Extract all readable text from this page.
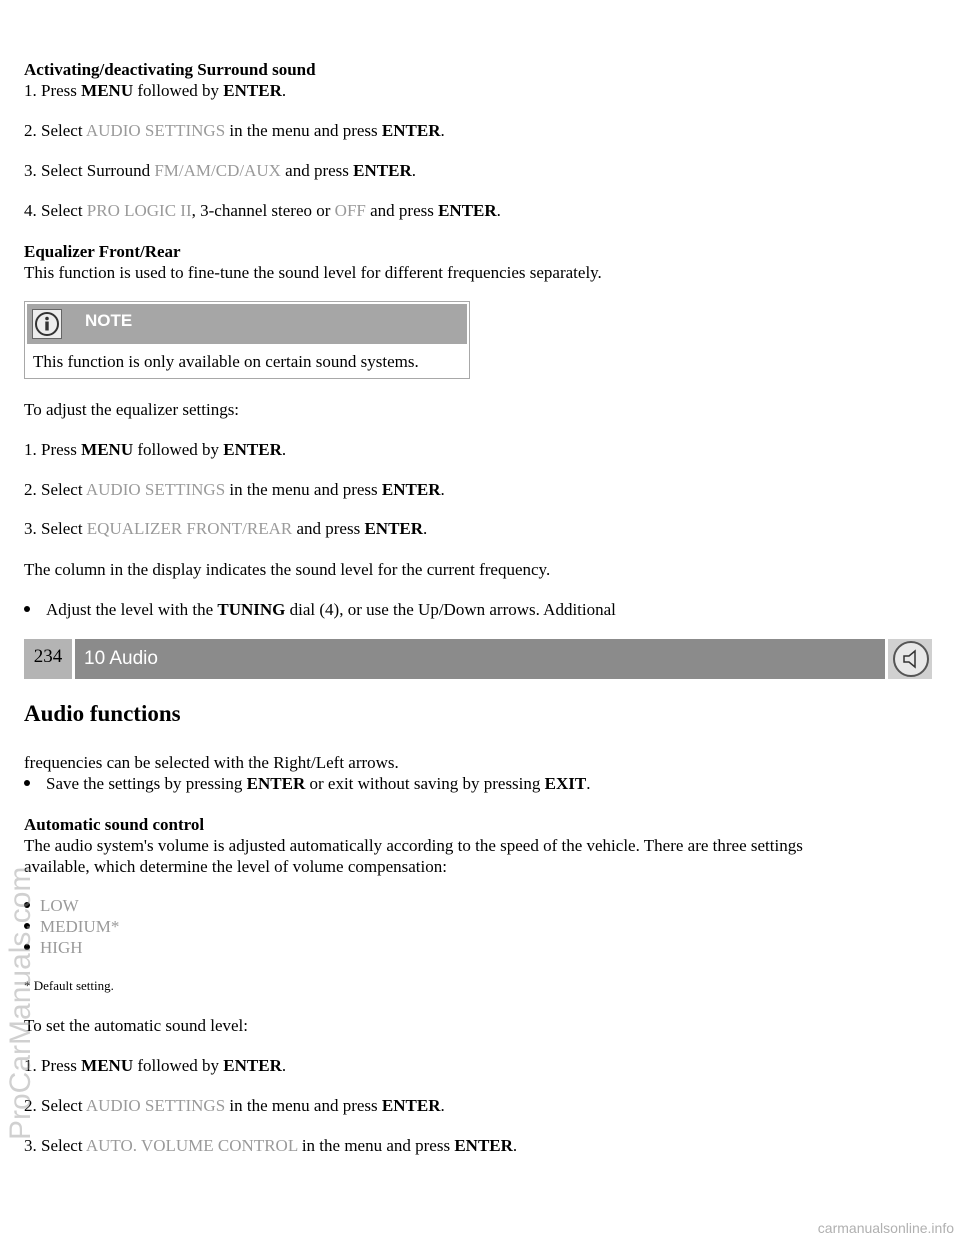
Activating/deactivating Surround sound
1. Press MENU followed by ENTER.
2. Select AUDIO SETTINGS in the menu and press ENTER.
3. Select Surround FM/AM/CD/AUX and press ENTER.
4. Select PRO LOGIC II, 3-channel stereo or OFF and press ENTER.
Equalizer Front/Rear
This function is used to fine-tune the sound level for different frequencies separately.
NOTE
This function is only available on certain sound systems.
To adjust the equalizer settings:
1. Press MENU followed by ENTER.
2. Select AUDIO SETTINGS in the menu and press ENTER.
3. Select EQUALIZER FRONT/REAR and press ENTER.
The column in the display indicates the sound level for the current frequency.
Adjust the level with the TUNING dial (4), or use the Up/Down arrows. Additional
234	10 Audio
Audio functions
frequencies can be selected with the Right/Left arrows.
Save the settings by pressing ENTER or exit without saving by pressing EXIT.
Automatic sound control
The audio system's volume is adjusted automatically according to the speed of the vehicle. There are three settings
available, which determine the level of volume compensation:
LOW
MEDIUM*
HIGH
* Default setting.
To set the automatic sound level:
1. Press MENU followed by ENTER.
2. Select AUDIO SETTINGS in the menu and press ENTER.
3. Select AUTO. VOLUME CONTROL in the menu and press ENTER.
ProCarManuals.com
carmanualsonline.info
